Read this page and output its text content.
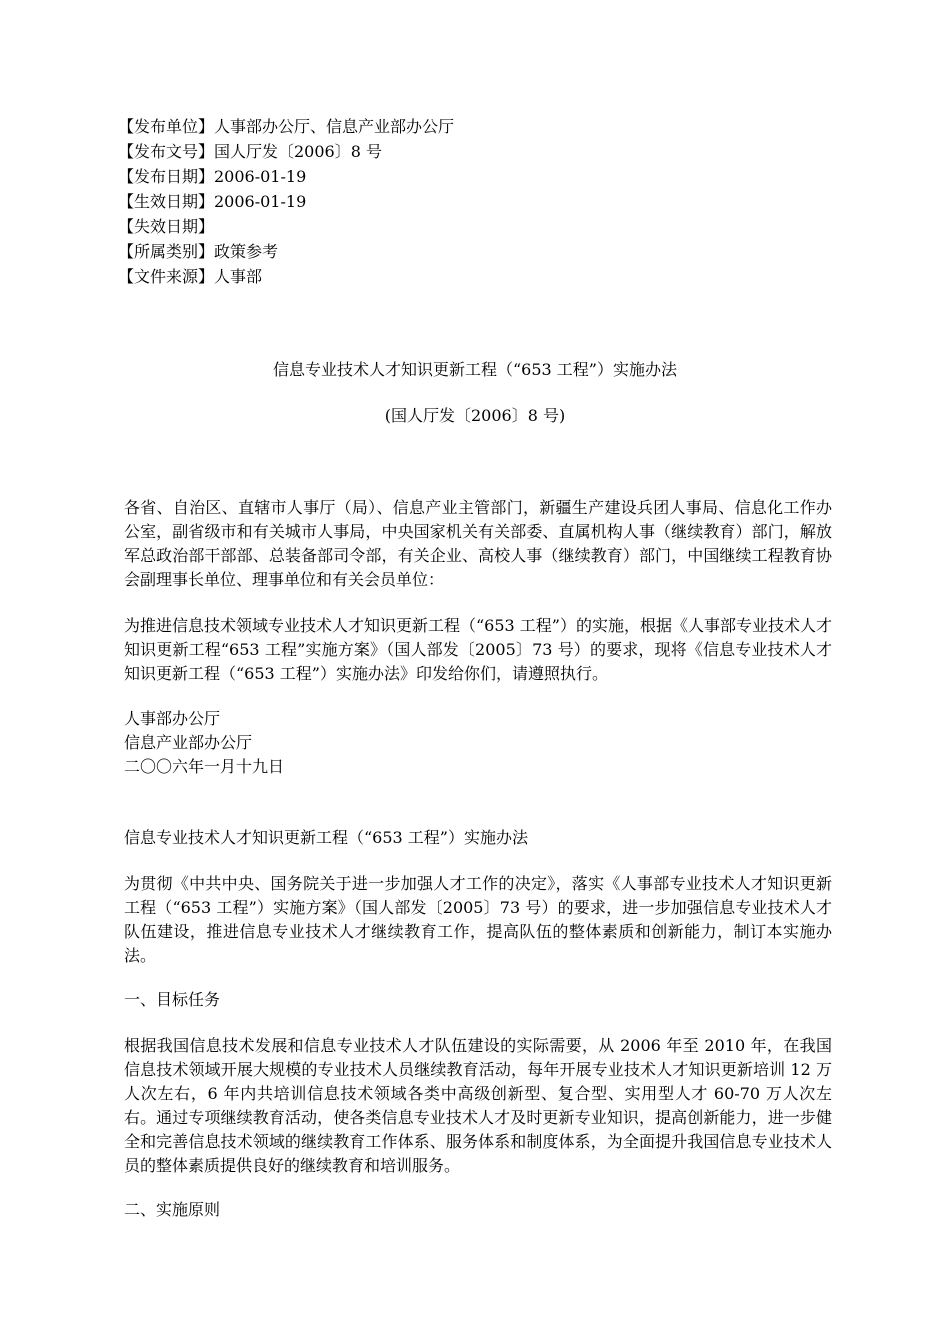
【发布单位】人事部办公厅、信息产业部办公厅
【发布文号】国人厅发〔2006〕8 号
【发布日期】2006-01-19
【生效日期】2006-01-19
【失效日期】
【所属类别】政策参考
【文件来源】人事部
信息专业技术人才知识更新工程（“653 工程”）实施办法
(国人厅发〔2006〕8 号)

各省、自治区、直辖市人事厅（局）、信息产业主管部门，新疆生产建设兵团人事局、信息化工作办公室，副省级市和有关城市人事局，中央国家机关有关部委、直属机构人事（继续教育）部门，解放军总政治部干部部、总装备部司令部，有关企业、高校人事（继续教育）部门，中国继续工程教育协会副理事长单位、理事单位和有关会员单位：

为推进信息技术领域专业技术人才知识更新工程（“653 工程”）的实施，根据《人事部专业技术人才知识更新工程“653 工程”实施方案》（国人部发〔2005〕73 号）的要求，现将《信息专业技术人才知识更新工程（“653 工程”）实施办法》印发给你们，请遵照执行。

人事部办公厅

信息产业部办公厅

二〇〇六年一月十九日

信息专业技术人才知识更新工程（“653 工程”）实施办法

为贯彻《中共中央、国务院关于进一步加强人才工作的决定》，落实《人事部专业技术人才知识更新工程（“653 工程”）实施方案》（国人部发〔2005〕73 号）的要求，进一步加强信息专业技术人才队伍建设，推进信息专业技术人才继续教育工作，提高队伍的整体素质和创新能力，制订本实施办法。

一、目标任务

根据我国信息技术发展和信息专业技术人才队伍建设的实际需要，从 2006 年至 2010 年，在我国信息技术领域开展大规模的专业技术人员继续教育活动，每年开展专业技术人才知识更新培训 12 万人次左右，6 年内共培训信息技术领域各类中高级创新型、复合型、实用型人才 60-70 万人次左右。通过专项继续教育活动，使各类信息专业技术人才及时更新专业知识，提高创新能力，进一步健全和完善信息技术领域的继续教育工作体系、服务体系和制度体系，为全面提升我国信息专业技术人员的整体素质提供良好的继续教育和培训服务。

二、实施原则
